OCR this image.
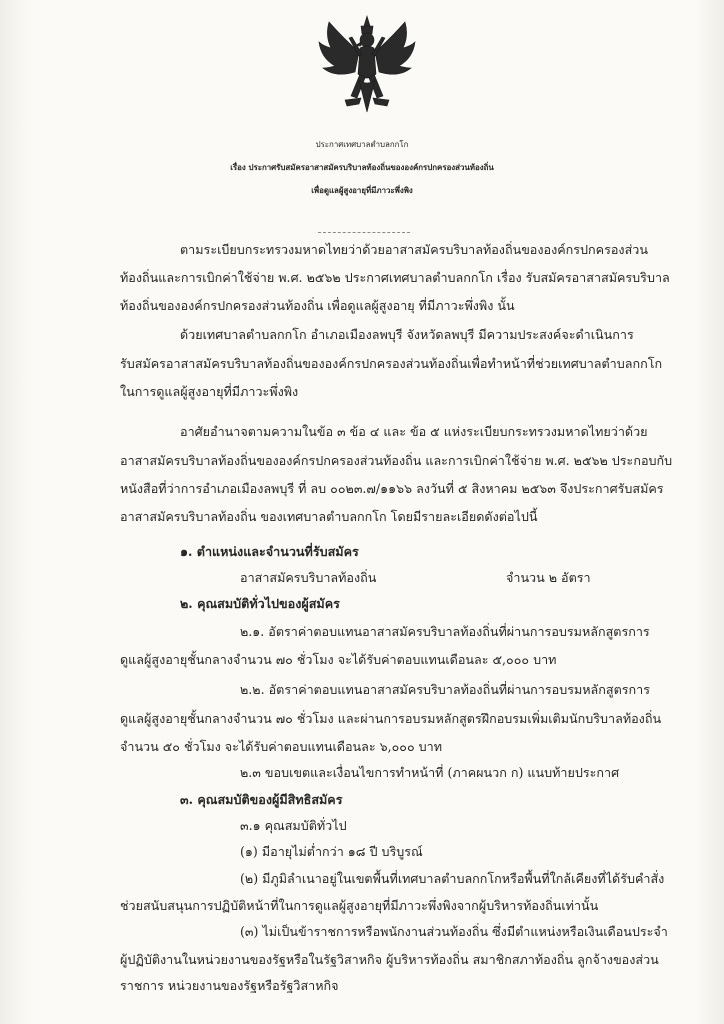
ประกาศเทศบาลตำบลกกโก
เรื่อง ประกาศรับสมัครอาสาสมัครบริบาลท้องถิ่นขององค์กรปกครองส่วนท้องถิ่น
เพื่อดูแลผู้สูงอายุที่มีภาวะพึ่งพิง
ตามระเบียบกระทรวงมหาดไทยว่าด้วยอาสาสมัครบริบาลท้องถิ่นขององค์กรปกครองส่วน
ท้องถิ่นและการเบิกค่าใช้จ่าย พ.ศ. ๒๕๖๒ ประกาศเทศบาลตำบลกกโก เรื่อง รับสมัครอาสาสมัครบริบาล
ท้องถิ่นขององค์กรปกครองส่วนท้องถิ่น เพื่อดูแลผู้สูงอายุ ที่มีภาวะพึ่งพิง นั้น
ด้วยเทศบาลตำบลกกโก อำเภอเมืองลพบุรี จังหวัดลพบุรี มีความประสงค์จะดำเนินการ
รับสมัครอาสาสมัครบริบาลท้องถิ่นขององค์กรปกครองส่วนท้องถิ่นเพื่อทำหน้าที่ช่วยเทศบาลตำบลกกโก
ในการดูแลผู้สูงอายุที่มีภาวะพึ่งพิง
อาศัยอำนาจตามความในข้อ ๓ ข้อ ๔ และ ข้อ ๕ แห่งระเบียบกระทรวงมหาดไทยว่าด้วย
อาสาสมัครบริบาลท้องถิ่นขององค์กรปกครองส่วนท้องถิ่น และการเบิกค่าใช้จ่าย พ.ศ. ๒๕๖๒ ประกอบกับ
หนังสือที่ว่าการอำเภอเมืองลพบุรี ที่ ลบ ๐๐๒๓.๗/๑๑๖๖ ลงวันที่ ๕ สิงหาคม ๒๕๖๓ จึงประกาศรับสมัคร
อาสาสมัครบริบาลท้องถิ่น ของเทศบาลตำบลกกโก โดยมีรายละเอียดดังต่อไปนี้
๑. ตำแหน่งและจำนวนที่รับสมัคร
อาสาสมัครบริบาลท้องถิ่น	จำนวน ๒ อัตรา
๒. คุณสมบัติทั่วไปของผู้สมัคร
๒.๑. อัตราค่าตอบแทนอาสาสมัครบริบาลท้องถิ่นที่ผ่านการอบรมหลักสูตรการ
ดูแลผู้สูงอายุชั้นกลางจำนวน ๗๐ ชั่วโมง จะได้รับค่าตอบแทนเดือนละ ๕,๐๐๐ บาท
๒.๒. อัตราค่าตอบแทนอาสาสมัครบริบาลท้องถิ่นที่ผ่านการอบรมหลักสูตรการ
ดูแลผู้สูงอายุชั้นกลางจำนวน ๗๐ ชั่วโมง และผ่านการอบรมหลักสูตรฝึกอบรมเพิ่มเติมนักบริบาลท้องถิ่น
จำนวน ๕๐ ชั่วโมง จะได้รับค่าตอบแทนเดือนละ ๖,๐๐๐ บาท
๒.๓ ขอบเขตและเงื่อนไขการทำหน้าที่ (ภาคผนวก ก) แนบท้ายประกาศ
๓. คุณสมบัติของผู้มีสิทธิสมัคร
๓.๑ คุณสมบัติทั่วไป
(๑) มีอายุไม่ต่ำกว่า ๑๘ ปี บริบูรณ์
(๒) มีภูมิลำเนาอยู่ในเขตพื้นที่เทศบาลตำบลกกโกหรือพื้นที่ใกล้เคียงที่ได้รับคำสั่ง
ช่วยสนับสนุนการปฏิบัติหน้าที่ในการดูแลผู้สูงอายุที่มีภาวะพึ่งพิงจากผู้บริหารท้องถิ่นเท่านั้น
(๓) ไม่เป็นข้าราชการหรือพนักงานส่วนท้องถิ่น ซึ่งมีตำแหน่งหรือเงินเดือนประจำ
ผู้ปฏิบัติงานในหน่วยงานของรัฐหรือในรัฐวิสาหกิจ ผู้บริหารท้องถิ่น สมาชิกสภาท้องถิ่น ลูกจ้างของส่วน
ราชการ หน่วยงานของรัฐหรือรัฐวิสาหกิจ
